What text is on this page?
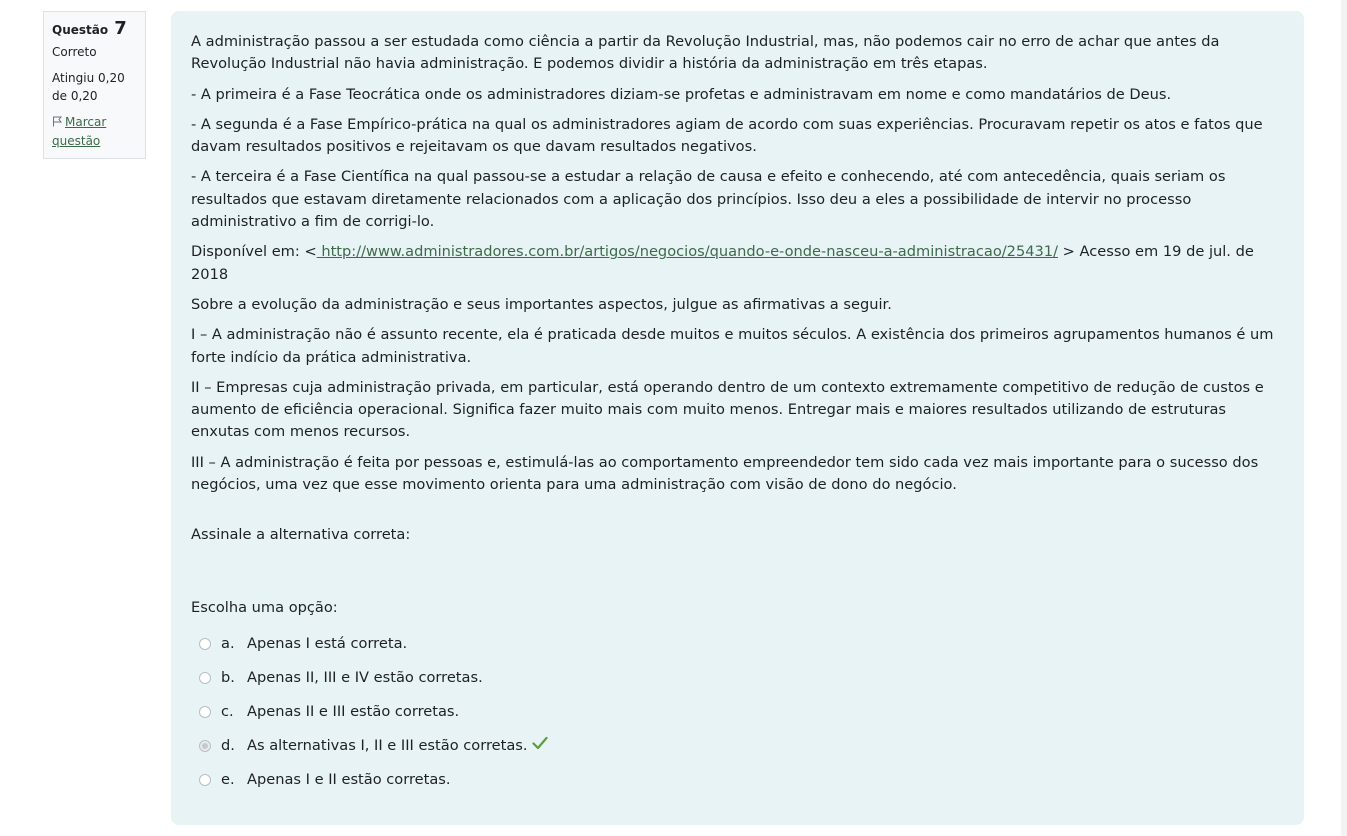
Questão 7
Correto
Atingiu 0,20
de 0,20
Marcar
questão

A administração passou a ser estudada como ciência a partir da Revolução Industrial, mas, não podemos cair no erro de achar que antes da Revolução Industrial não havia administração. E podemos dividir a história da administração em três etapas.

- A primeira é a Fase Teocrática onde os administradores diziam-se profetas e administravam em nome e como mandatários de Deus.

- A segunda é a Fase Empírico-prática na qual os administradores agiam de acordo com suas experiências. Procuravam repetir os atos e fatos que davam resultados positivos e rejeitavam os que davam resultados negativos.

- A terceira é a Fase Científica na qual passou-se a estudar a relação de causa e efeito e conhecendo, até com antecedência, quais seriam os resultados que estavam diretamente relacionados com a aplicação dos princípios. Isso deu a eles a possibilidade de intervir no processo administrativo a fim de corrigi-lo.

Disponível em: < http://www.administradores.com.br/artigos/negocios/quando-e-onde-nasceu-a-administracao/25431/ > Acesso em 19 de jul. de 2018

Sobre a evolução da administração e seus importantes aspectos, julgue as afirmativas a seguir.

I – A administração não é assunto recente, ela é praticada desde muitos e muitos séculos. A existência dos primeiros agrupamentos humanos é um forte indício da prática administrativa.

II – Empresas cuja administração privada, em particular, está operando dentro de um contexto extremamente competitivo de redução de custos e aumento de eficiência operacional. Significa fazer muito mais com muito menos. Entregar mais e maiores resultados utilizando de estruturas enxutas com menos recursos.

III – A administração é feita por pessoas e, estimulá-las ao comportamento empreendedor tem sido cada vez mais importante para o sucesso dos negócios, uma vez que esse movimento orienta para uma administração com visão de dono do negócio.

Assinale a alternativa correta:

Escolha uma opção:

a. Apenas I está correta.
b. Apenas II, III e IV estão corretas.
c. Apenas II e III estão corretas.
d. As alternativas I, II e III estão corretas.
e. Apenas I e II estão corretas.
